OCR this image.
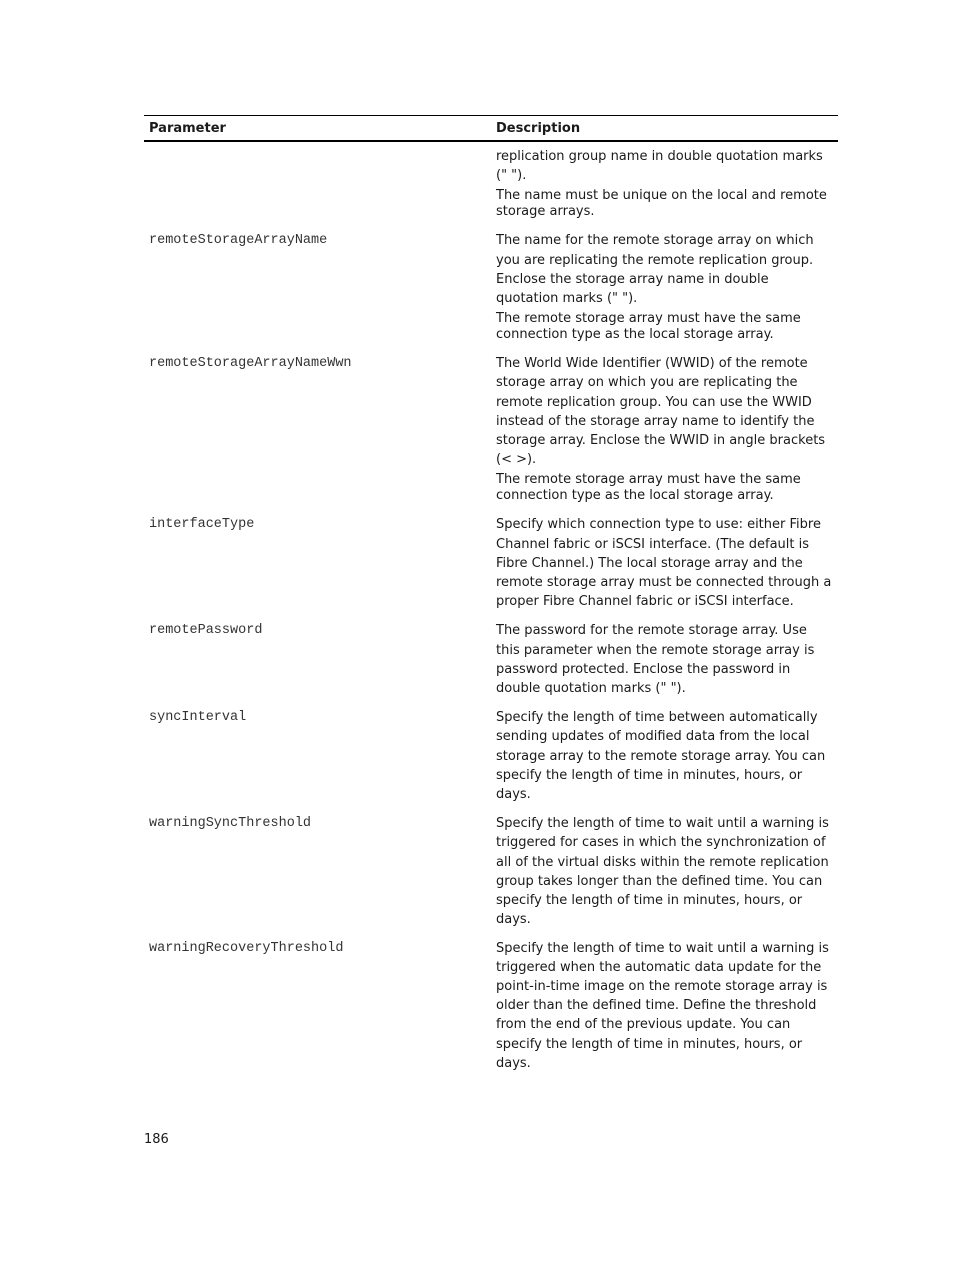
Parameter	Description

replication group name in double quotation marks (" ").

The name must be unique on the local and remote storage arrays.

remoteStorageArrayName	The name for the remote storage array on which you are replicating the remote replication group. Enclose the storage array name in double quotation marks (" ").

The remote storage array must have the same connection type as the local storage array.

remoteStorageArrayNameWwn	The World Wide Identifier (WWID) of the remote storage array on which you are replicating the remote replication group. You can use the WWID instead of the storage array name to identify the storage array. Enclose the WWID in angle brackets (< >).

The remote storage array must have the same connection type as the local storage array.

interfaceType	Specify which connection type to use: either Fibre Channel fabric or iSCSI interface. (The default is Fibre Channel.) The local storage array and the remote storage array must be connected through a proper Fibre Channel fabric or iSCSI interface.

remotePassword	The password for the remote storage array. Use this parameter when the remote storage array is password protected. Enclose the password in double quotation marks (" ").

syncInterval	Specify the length of time between automatically sending updates of modified data from the local storage array to the remote storage array. You can specify the length of time in minutes, hours, or days.

warningSyncThreshold	Specify the length of time to wait until a warning is triggered for cases in which the synchronization of all of the virtual disks within the remote replication group takes longer than the defined time. You can specify the length of time in minutes, hours, or days.

warningRecoveryThreshold	Specify the length of time to wait until a warning is triggered when the automatic data update for the point-in-time image on the remote storage array is older than the defined time. Define the threshold from the end of the previous update. You can specify the length of time in minutes, hours, or days.

186
